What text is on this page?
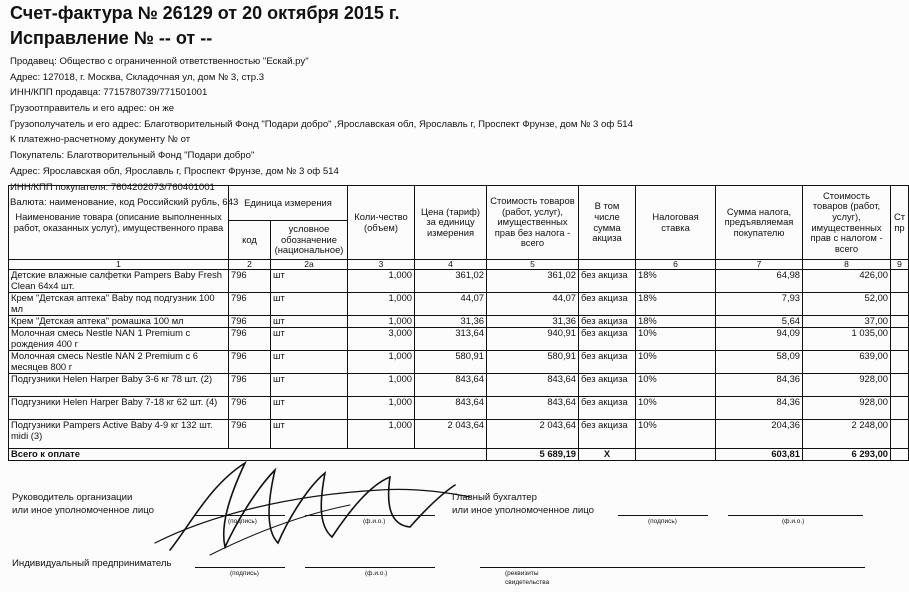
Счет-фактура № 26129 от 20 октября 2015 г.
Исправление № -- от --
Продавец: Общество с ограниченной ответственностью "Ескай.ру"
Адрес: 127018, г. Москва, Складочная ул, дом № 3, стр.3
ИНН/КПП продавца: 7715780739/771501001
Грузоотправитель и его адрес: он же
Грузополучатель и его адрес: Благотворительный Фонд "Подари добро" ,Ярославская обл, Ярославль г, Проспект Фрунзе, дом № 3 оф 514
К платежно-расчетному документу № от
Покупатель: Благотворительный Фонд "Подари добро"
Адрес: Ярославская обл, Ярославль г, Проспект Фрунзе, дом № 3 оф 514
ИНН/КПП покупателя: 7604202073/760401001
Валюта: наименование, код Российский рубль, 643
Наименование товара (описание выполненных работ, оказанных услуг), имущественного права	Единица измерения		Коли-чество (объем)	Цена (тариф) за единицу измерения	Стоимость товаров (работ, услуг), имущественных прав без налога - всего	В том числе сумма акциза	Налоговая ставка	Сумма налога, предъявляемая покупателю	Стоимость товаров (работ, услуг), имущественных прав с налогом - всего	Ст пр
	код	условное обозначение (национальное)								
1	2	2а	3	4	5		6	7	8	9
Детские влажные салфетки Pampers Baby Fresh Clean 64x4 шт.	796	шт	1,000	361,02	361,02	без акциза	18%	64,98	426,00	
Крем "Детская аптека" Baby под подгузник 100 мл	796	шт	1,000	44,07	44,07	без акциза	18%	7,93	52,00	
Крем "Детская аптека" ромашка 100 мл	796	шт	1,000	31,36	31,36	без акциза	18%	5,64	37,00	
Молочная смесь Nestle NAN 1 Premium с рождения 400 г	796	шт	3,000	313,64	940,91	без акциза	10%	94,09	1 035,00	
Молочная смесь Nestle NAN 2 Premium с 6 месяцев 800 г	796	шт	1,000	580,91	580,91	без акциза	10%	58,09	639,00	
Подгузники Helen Harper Baby 3-6 кг 78 шт. (2)	796	шт	1,000	843,64	843,64	без акциза	10%	84,36	928,00	
Подгузники Helen Harper Baby 7-18 кг 62 шт. (4)	796	шт	1,000	843,64	843,64	без акциза	10%	84,36	928,00	
Подгузники Pampers Active Baby 4-9 кг 132 шт. midi (3)	796	шт	1,000	2 043,64	2 043,64	без акциза	10%	204,36	2 248,00	
Всего к оплате					5 689,19	X		603,81	6 293,00	
Руководитель организации
или иное уполномоченное лицо
(подпись)	(ф.и.о.)
Главный бухгалтер
или иное уполномоченное лицо
(подпись)	(ф.и.о.)
Индивидуальный предприниматель
(подпись)	(ф.и.о.)	(реквизиты
свидетельства
